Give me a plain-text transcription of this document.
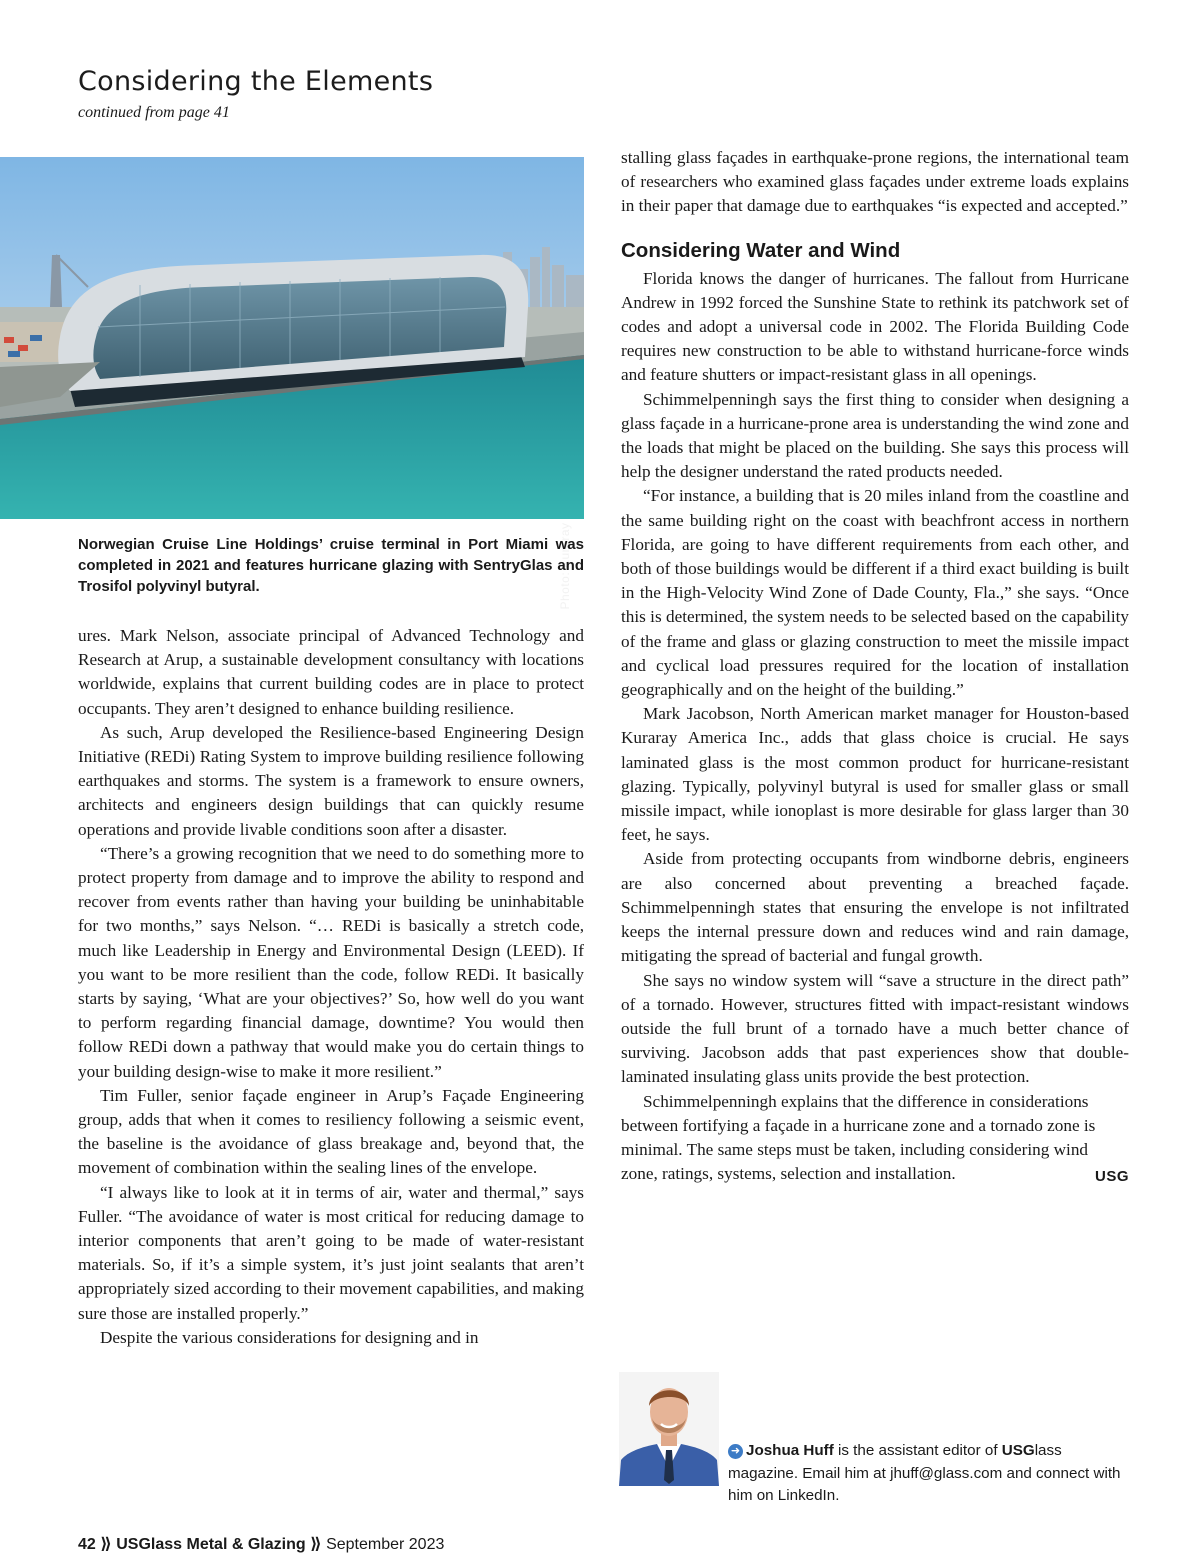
Considering the Elements
continued from page 41
Photo: Kuraray
Norwegian Cruise Line Holdings’ cruise terminal in Port Miami was completed in 2021 and features hurricane glazing with SentryGlas and Trosifol polyvinyl butyral.

ures. Mark Nelson, associate principal of Advanced Technology and Research at Arup, a sustainable development consultancy with locations worldwide, explains that current building codes are in place to protect occupants. They aren’t designed to enhance building resilience.

As such, Arup developed the Resilience-based Engineering Design Initiative (REDi) Rating System to improve building resilience following earthquakes and storms. The system is a framework to ensure owners, architects and engineers design buildings that can quickly resume operations and provide livable conditions soon after a disaster.

“There’s a growing recognition that we need to do something more to protect property from damage and to improve the ability to respond and recover from events rather than having your building be uninhabitable for two months,” says Nelson. “… REDi is basically a stretch code, much like Leadership in Energy and Environmental Design (LEED). If you want to be more resilient than the code, follow REDi. It basically starts by saying, ‘What are your objectives?’ So, how well do you want to perform regarding financial damage, downtime? You would then follow REDi down a pathway that would make you do certain things to your building design-wise to make it more resilient.”

Tim Fuller, senior façade engineer in Arup’s Façade Engineering group, adds that when it comes to resiliency following a seismic event, the baseline is the avoidance of glass breakage and, beyond that, the movement of combination within the sealing lines of the envelope.

“I always like to look at it in terms of air, water and thermal,” says Fuller. “The avoidance of water is most critical for reducing damage to interior components that aren’t going to be made of water-resistant materials. So, if it’s a simple system, it’s just joint sealants that aren’t appropriately sized according to their movement capabilities, and making sure those are installed properly.”

Despite the various considerations for designing and in

stalling glass façades in earthquake-prone regions, the international team of researchers who examined glass façades under extreme loads explains in their paper that damage due to earthquakes “is expected and accepted.”

Considering Water and Wind

Florida knows the danger of hurricanes. The fallout from Hurricane Andrew in 1992 forced the Sunshine State to rethink its patchwork set of codes and adopt a universal code in 2002. The Florida Building Code requires new construction to be able to withstand hurricane-force winds and feature shutters or impact-resistant glass in all openings.

Schimmelpenningh says the first thing to consider when designing a glass façade in a hurricane-prone area is understanding the wind zone and the loads that might be placed on the building. She says this process will help the designer understand the rated products needed.

“For instance, a building that is 20 miles inland from the coastline and the same building right on the coast with beachfront access in northern Florida, are going to have different requirements from each other, and both of those buildings would be different if a third exact building is built in the High-Velocity Wind Zone of Dade County, Fla.,” she says. “Once this is determined, the system needs to be selected based on the capability of the frame and glass or glazing construction to meet the missile impact and cyclical load pressures required for the location of installation geographically and on the height of the building.”

Mark Jacobson, North American market manager for Houston-based Kuraray America Inc., adds that glass choice is crucial. He says laminated glass is the most common product for hurricane-resistant glazing. Typically, polyvinyl butyral is used for smaller glass or small missile impact, while ionoplast is more desirable for glass larger than 30 feet, he says.

Aside from protecting occupants from windborne debris, engineers are also concerned about preventing a breached façade. Schimmelpenningh states that ensuring the envelope is not infiltrated keeps the internal pressure down and reduces wind and rain damage, mitigating the spread of bacterial and fungal growth.

She says no window system will “save a structure in the direct path” of a tornado. However, structures fitted with impact-resistant windows outside the full brunt of a tornado have a much better chance of surviving. Jacobson adds that past experiences show that double-laminated insulating glass units provide the best protection.

Schimmelpenningh explains that the difference in considerations between fortifying a façade in a hurricane zone and a tornado zone is minimal. The same steps must be taken, including considering wind zone, ratings, systems, selection and installation.	USG

➜ Joshua Huff is the assistant editor of USGlass magazine. Email him at jhuff@glass.com and connect with him on LinkedIn.
42 ⟫ USGlass Metal & Glazing ⟫ September 2023
